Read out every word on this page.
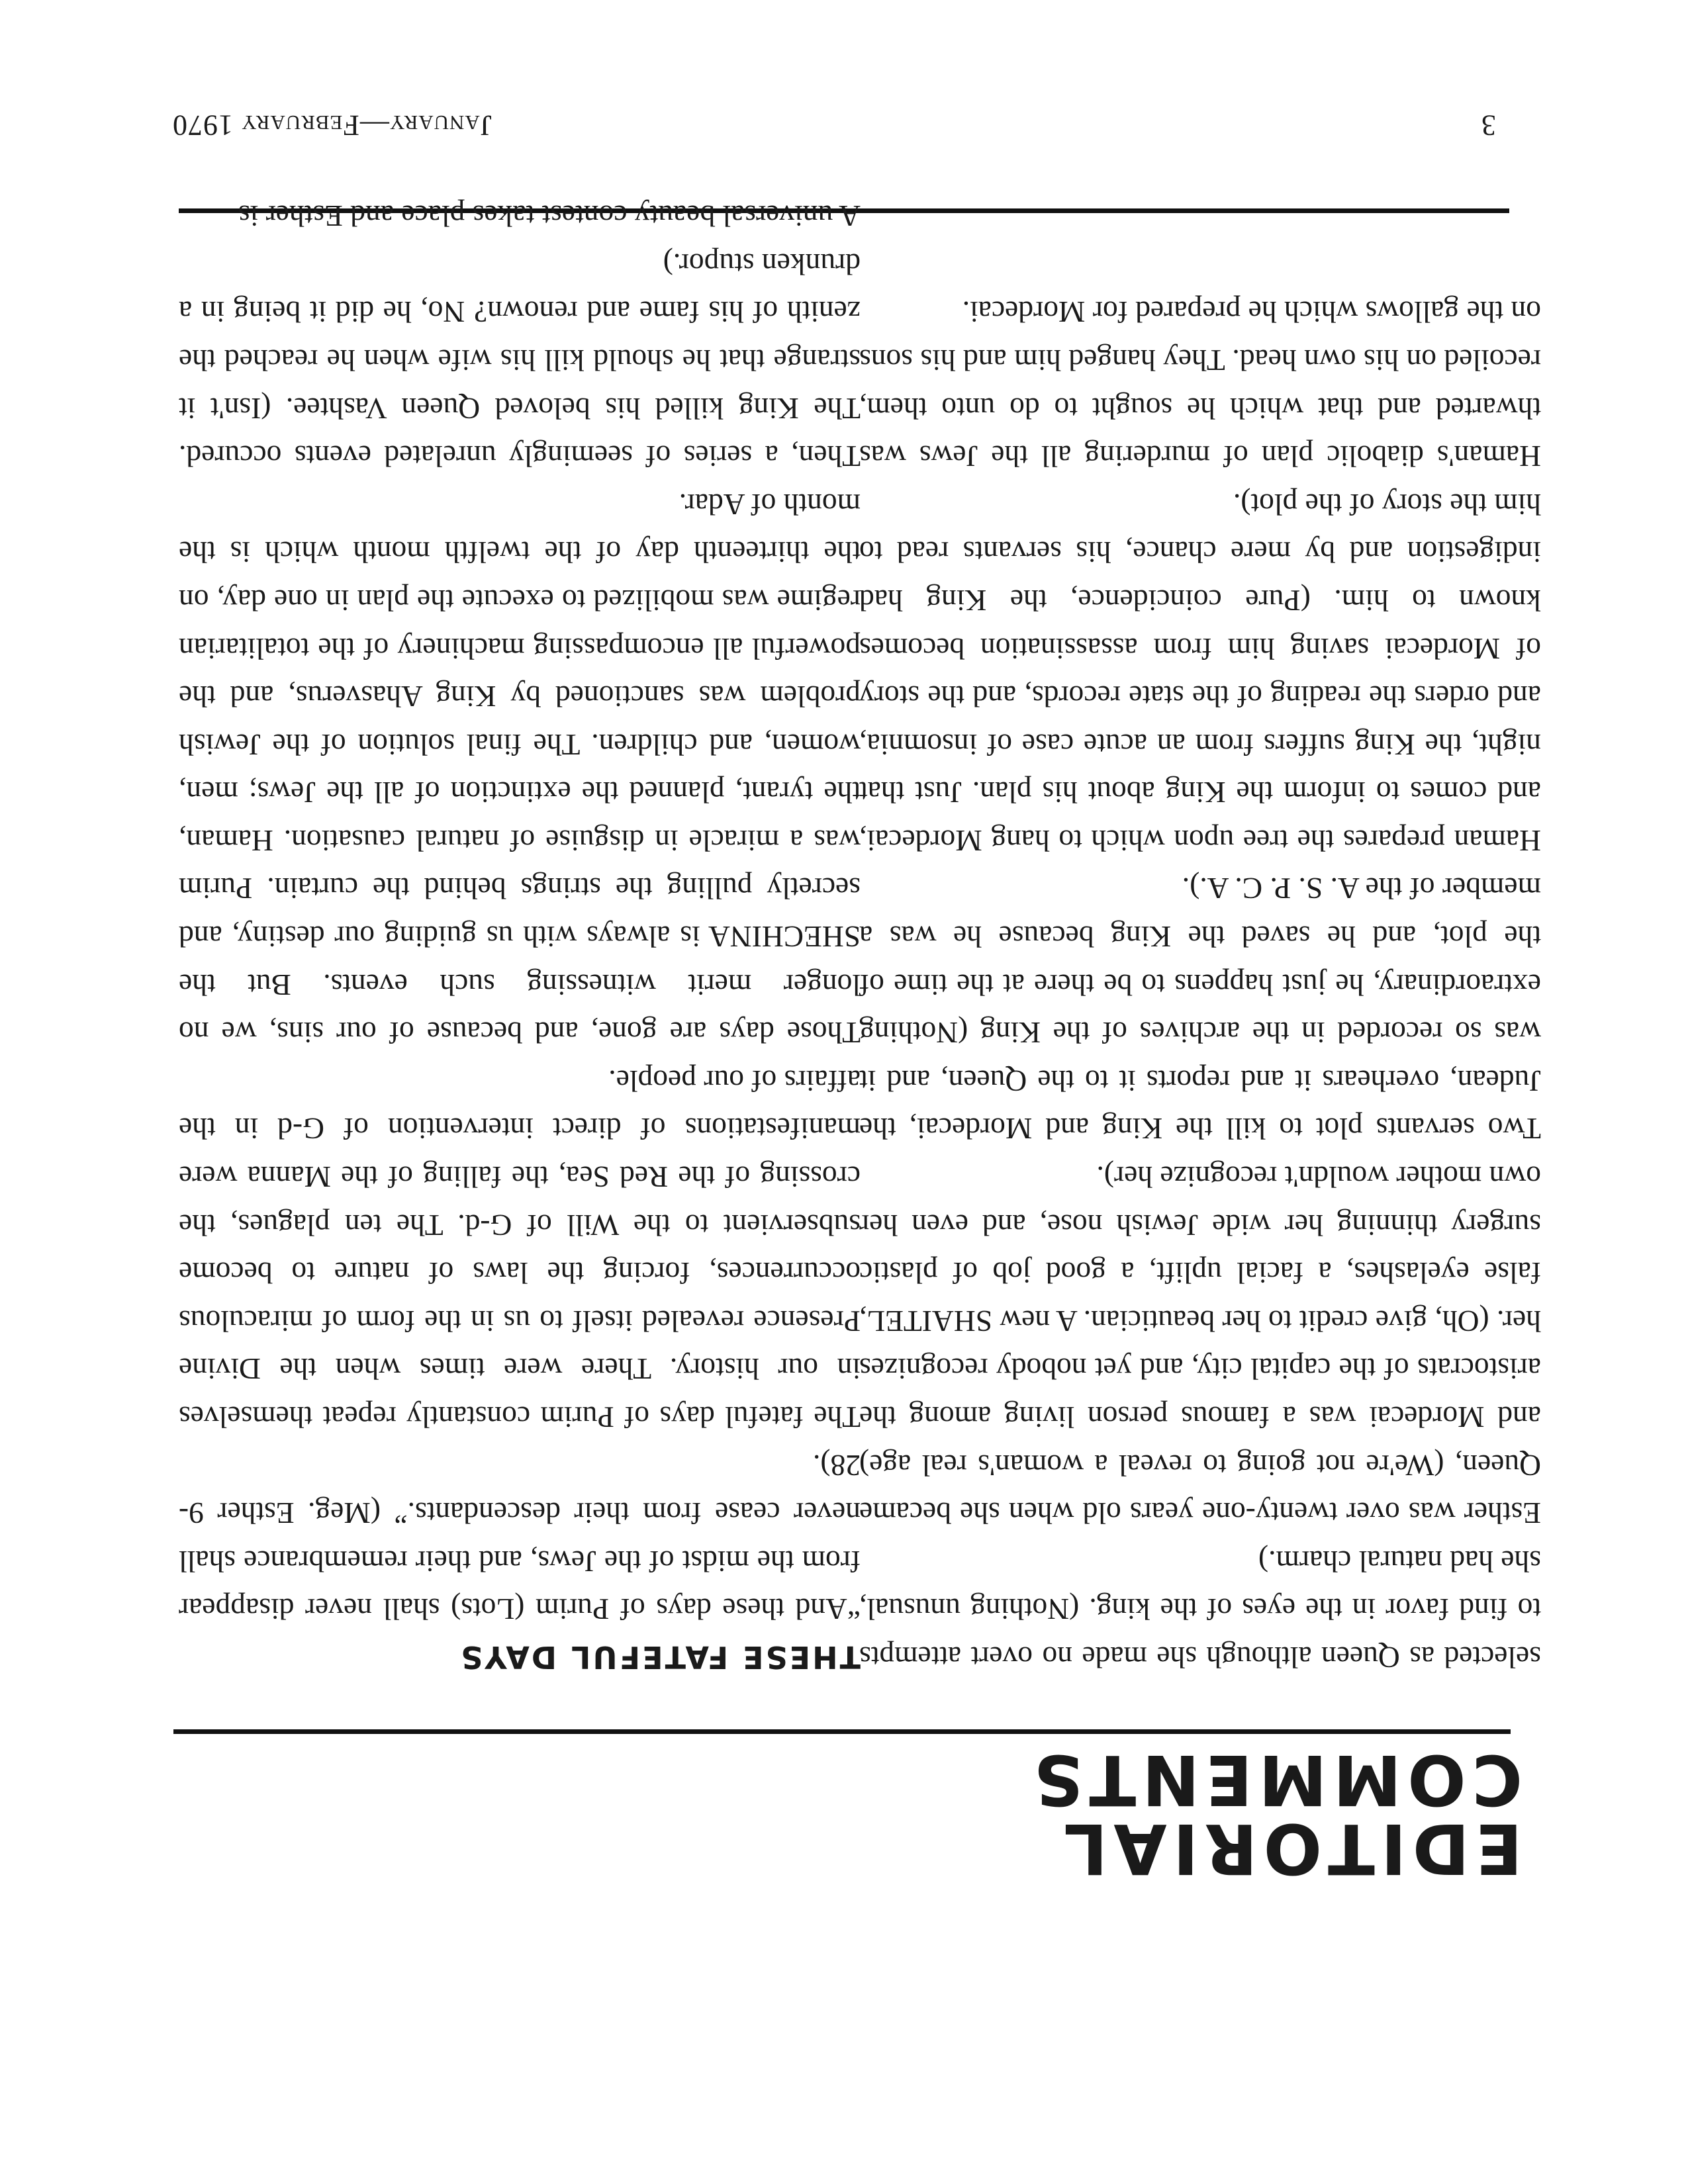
3
January—February 1970
EDITORIAL COMMENTS
THESE FATEFUL DAYS

“And these days of Purim (Lots) shall never disappear from the midst of the Jews, and their remembrance shall never cease from their descendants.” (Meg. Esther 9-28).

The fateful days of Purim constantly repeat themselves in our history. There were times when the Divine Presence revealed itself to us in the form of miraculous occurrences, forcing the laws of nature to become subservient to the Will of G-d. The ten plagues, the crossing of the Red Sea, the falling of the Manna were manifestations of direct intervention of G-d in the affairs of our people.

Those days are gone, and because of our sins, we no longer merit witnessing such events. But the SHECHINA is always with us guiding our destiny, and secretly pulling the strings behind the curtain. Purim was a miracle in disguise of natural causation. Haman, the tyrant, planned the extinction of all the Jews; men, women, and children. The final solution of the Jewish problem was sanctioned by King Ahasverus, and the powerful all encompassing machinery of the totalitarian regime was mobilized to execute the plan in one day, on the thirteenth day of the twelfth month which is the month of Adar.

Then, a series of seemingly unrelated events occured. The King killed his beloved Queen Vashtee. (Isn't it strange that he should kill his wife when he reached the zenith of his fame and renown? No, he did it being in a drunken stupor.)

A universal beauty contest takes place and Esther is

selected as Queen although she made no overt attempts to find favor in the eyes of the king. (Nothing unusual, she had natural charm.)

Esther was over twenty-one years old when she became Queen, (We're not going to reveal a woman's real age) and Mordecai was a famous person living among the aristocrats of the capital city, and yet nobody recognizes her. (Oh, give credit to her beautician. A new SHAITEL, false eyelashes, a facial uplift, a good job of plastic surgery thinning her wide Jewish nose, and even her own mother wouldn't recognize her).

Two servants plot to kill the King and Mordecai, the Judean, overhears it and reports it to the Queen, and it was so recorded in the archives of the King (Nothing extraordinary, he just happens to be there at the time of the plot, and he saved the King because he was a member of the A. S. P. C. A.).

Haman prepares the tree upon which to hang Mordecai, and comes to inform the King about his plan. Just that night, the King suffers from an acute case of insomnia, and orders the reading of the state records, and the story of Mordecai saving him from assassination becomes known to him. (Pure coincidence, the King had indigestion and by mere chance, his servants read to him the story of the plot).

Haman's diabolic plan of murdering all the Jews was thwarted and that which he sought to do unto them, recoiled on his own head. They hanged him and his sons on the gallows which he prepared for Mordecai.
